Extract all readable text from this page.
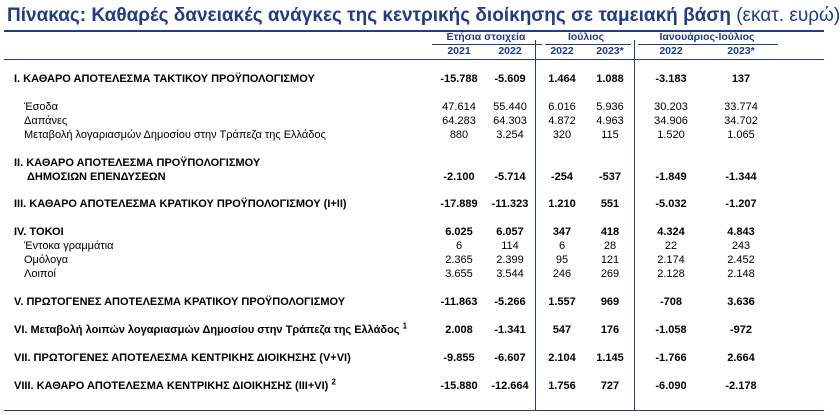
Πίνακας: Καθαρές δανειακές ανάγκες της κεντρικής διοίκησης σε ταμειακή βάση (εκατ. ευρώ)
Ετήσια στοιχεία	Ιούλιος	Ιανουάριος-Ιούλιος
2021	2022	2022	2023*	2022	2023*
I. ΚΑΘΑΡΟ ΑΠΟΤΕΛΕΣΜΑ ΤΑΚΤΙΚΟΥ ΠΡΟΫΠΟΛΟΓΙΣΜΟΥ	-15.788	-5.609	1.464	1.088	-3.183	137
Έσοδα	47.614	55.440	6.016	5.936	30.203	33.774
Δαπάνες	64.283	64.303	4.872	4.963	34.906	34.702
Μεταβολή λογαριασμών Δημοσίου στην Τράπεζα της Ελλάδος	880	3.254	320	115	1.520	1.065
II. ΚΑΘΑΡΟ ΑΠΟΤΕΛΕΣΜΑ ΠΡΟΫΠΟΛΟΓΙΣΜΟΥ
ΔΗΜΟΣΙΩΝ ΕΠΕΝΔΥΣΕΩΝ	-2.100	-5.714	-254	-537	-1.849	-1.344
III. ΚΑΘΑΡΟ ΑΠΟΤΕΛΕΣΜΑ ΚΡΑΤΙΚΟΥ ΠΡΟΫΠΟΛΟΓΙΣΜΟΥ (I+II)	-17.889	-11.323	1.210	551	-5.032	-1.207
IV. ΤΟΚΟΙ	6.025	6.057	347	418	4.324	4.843
Έντοκα γραμμάτια	6	114	6	28	22	243
Ομόλογα	2.365	2.399	95	121	2.174	2.452
Λοιποί	3.655	3.544	246	269	2.128	2.148
V. ΠΡΩΤΟΓΕΝΕΣ ΑΠΟΤΕΛΕΣΜΑ ΚΡΑΤΙΚΟΥ ΠΡΟΫΠΟΛΟΓΙΣΜΟΥ	-11.863	-5.266	1.557	969	-708	3.636
VI. Μεταβολή λοιπών λογαριασμών Δημοσίου στην Τράπεζα της Ελλάδος $^1$	2.008	-1.341	547	176	-1.058	-972
VII. ΠΡΩΤΟΓΕΝΕΣ ΑΠΟΤΕΛΕΣΜΑ ΚΕΝΤΡΙΚΗΣ ΔΙΟΙΚΗΣΗΣ (V+VI)	-9.855	-6.607	2.104	1.145	-1.766	2.664
VIII. ΚΑΘΑΡΟ ΑΠΟΤΕΛΕΣΜΑ ΚΕΝΤΡΙΚΗΣ ΔΙΟΙΚΗΣΗΣ (III+VI) $^2$	-15.880	-12.664	1.756	727	-6.090	-2.178
